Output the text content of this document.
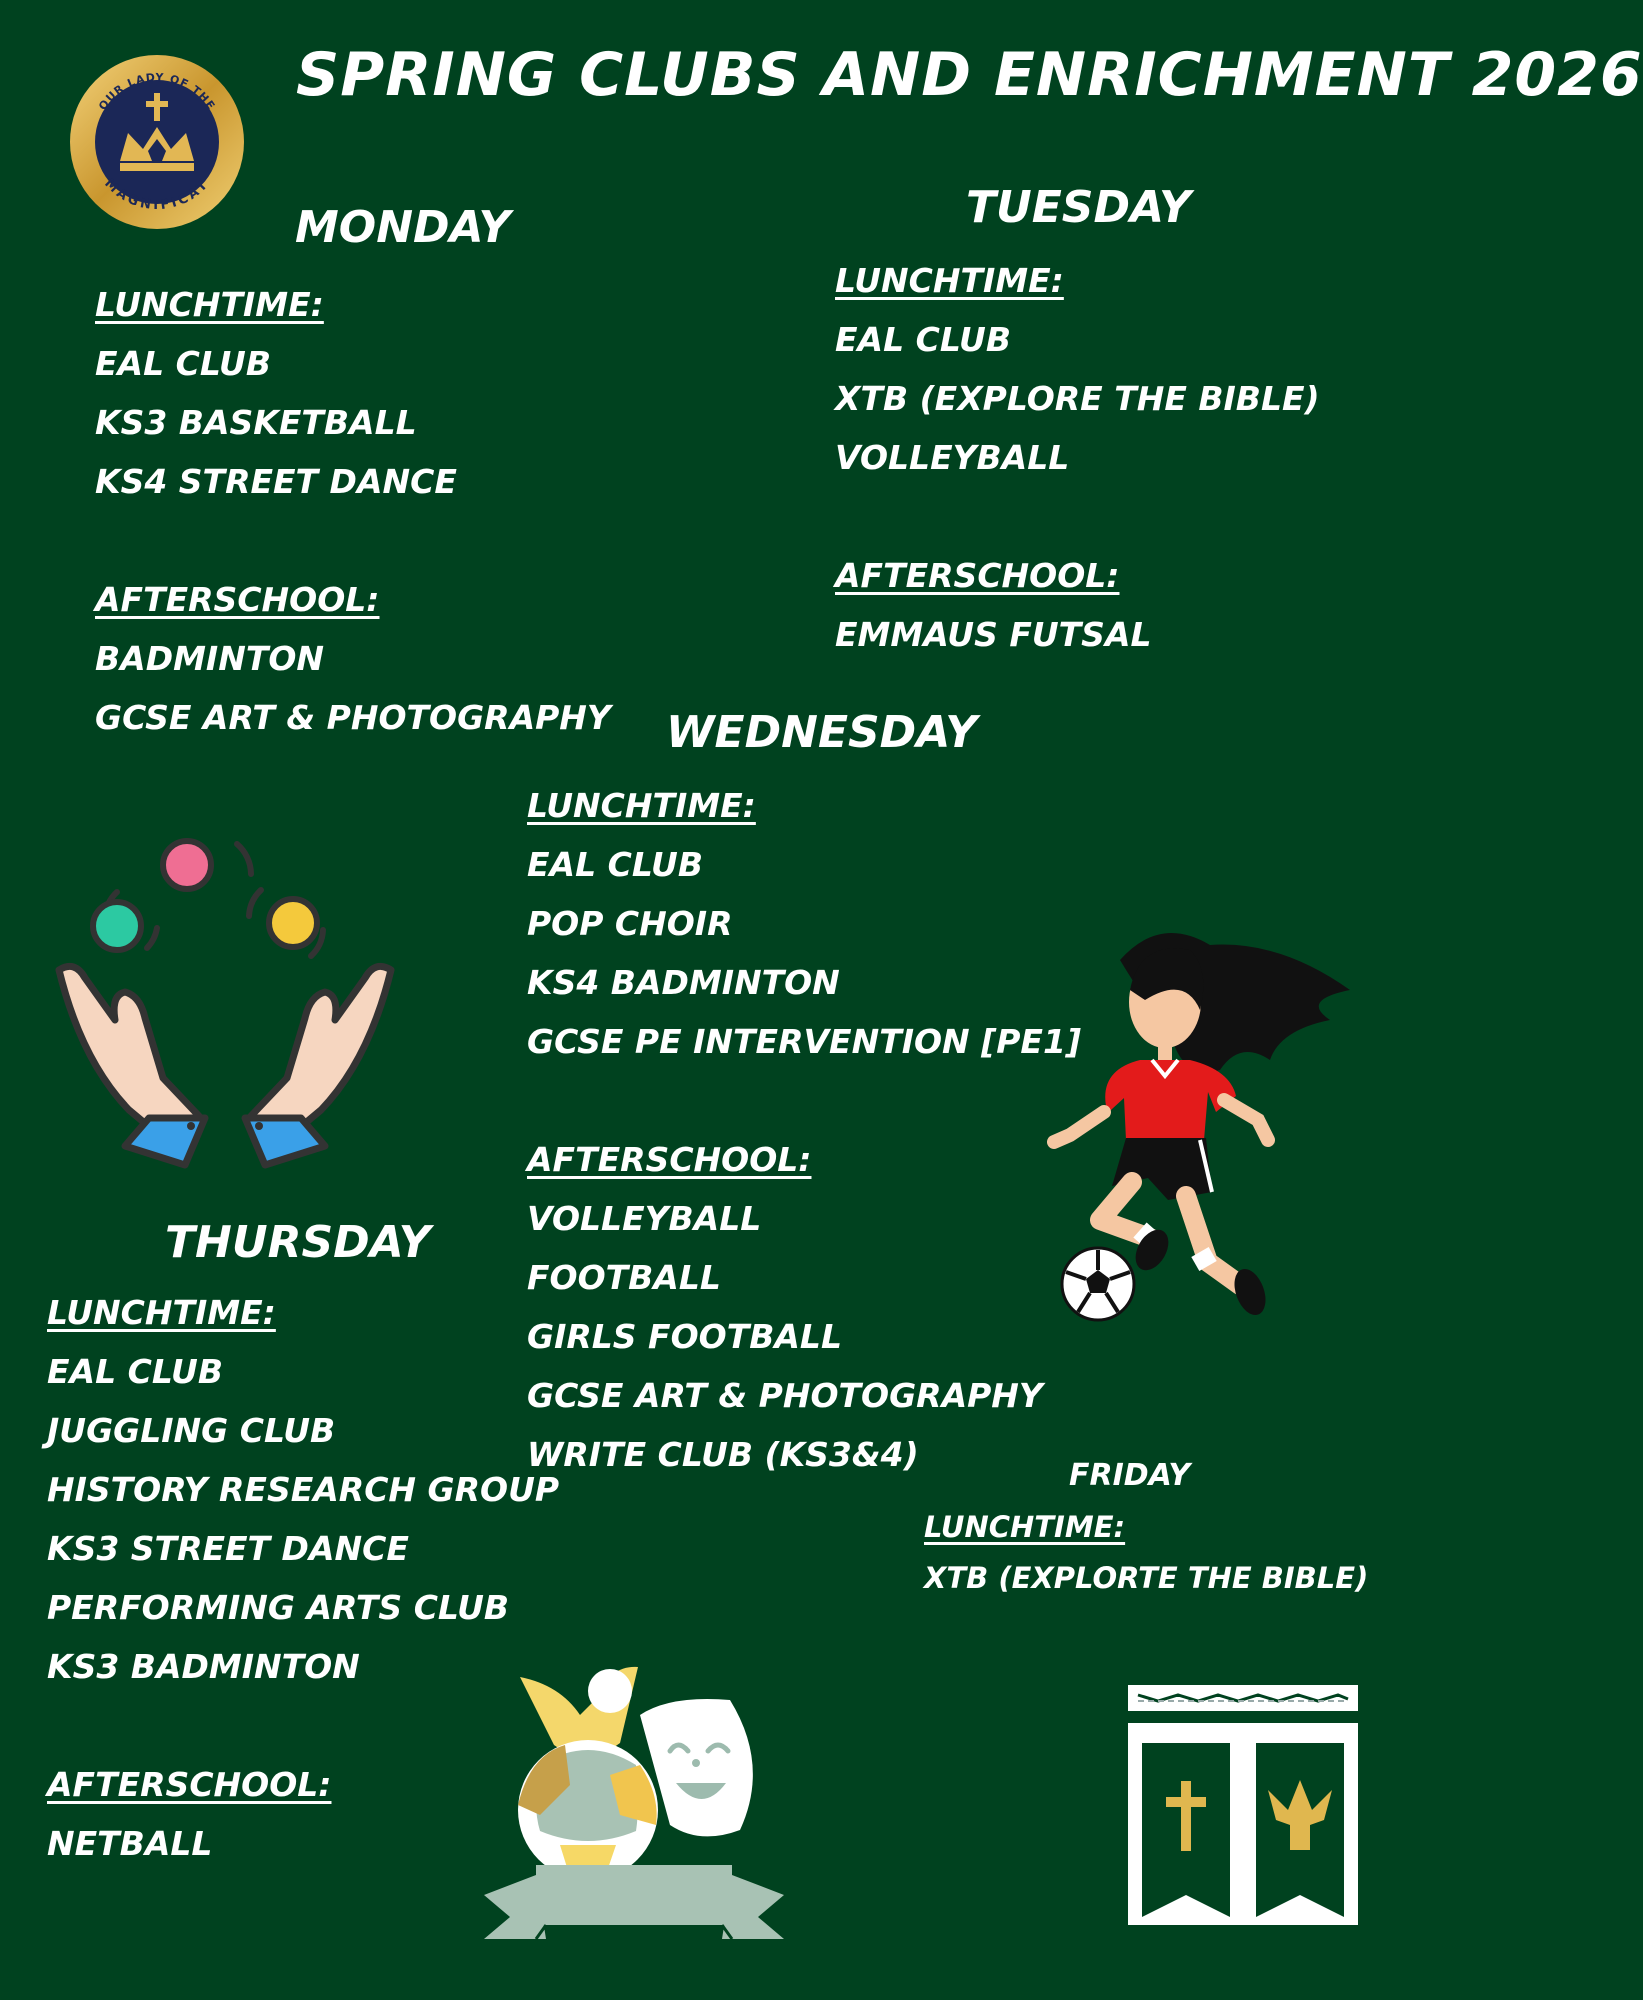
OUR LADY OF THE
MAGNIFICAT
SPRING CLUBS AND ENRICHMENT 2026
MONDAY
LUNCHTIME:
EAL CLUB
KS3 BASKETBALL
KS4 STREET DANCE
AFTERSCHOOL:
BADMINTON
GCSE ART & PHOTOGRAPHY
TUESDAY
LUNCHTIME:
EAL CLUB
XTB (EXPLORE THE BIBLE)
VOLLEYBALL
AFTERSCHOOL:
EMMAUS FUTSAL
WEDNESDAY
LUNCHTIME:
EAL CLUB
POP CHOIR
KS4 BADMINTON
GCSE PE INTERVENTION [PE1]
AFTERSCHOOL:
VOLLEYBALL
FOOTBALL
GIRLS FOOTBALL
GCSE ART & PHOTOGRAPHY
WRITE CLUB (KS3&4)
THURSDAY
LUNCHTIME:
EAL CLUB
JUGGLING CLUB
HISTORY RESEARCH GROUP
KS3 STREET DANCE
PERFORMING ARTS CLUB
KS3 BADMINTON
AFTERSCHOOL:
NETBALL
FRIDAY
LUNCHTIME:
XTB (EXPLORTE THE BIBLE)
